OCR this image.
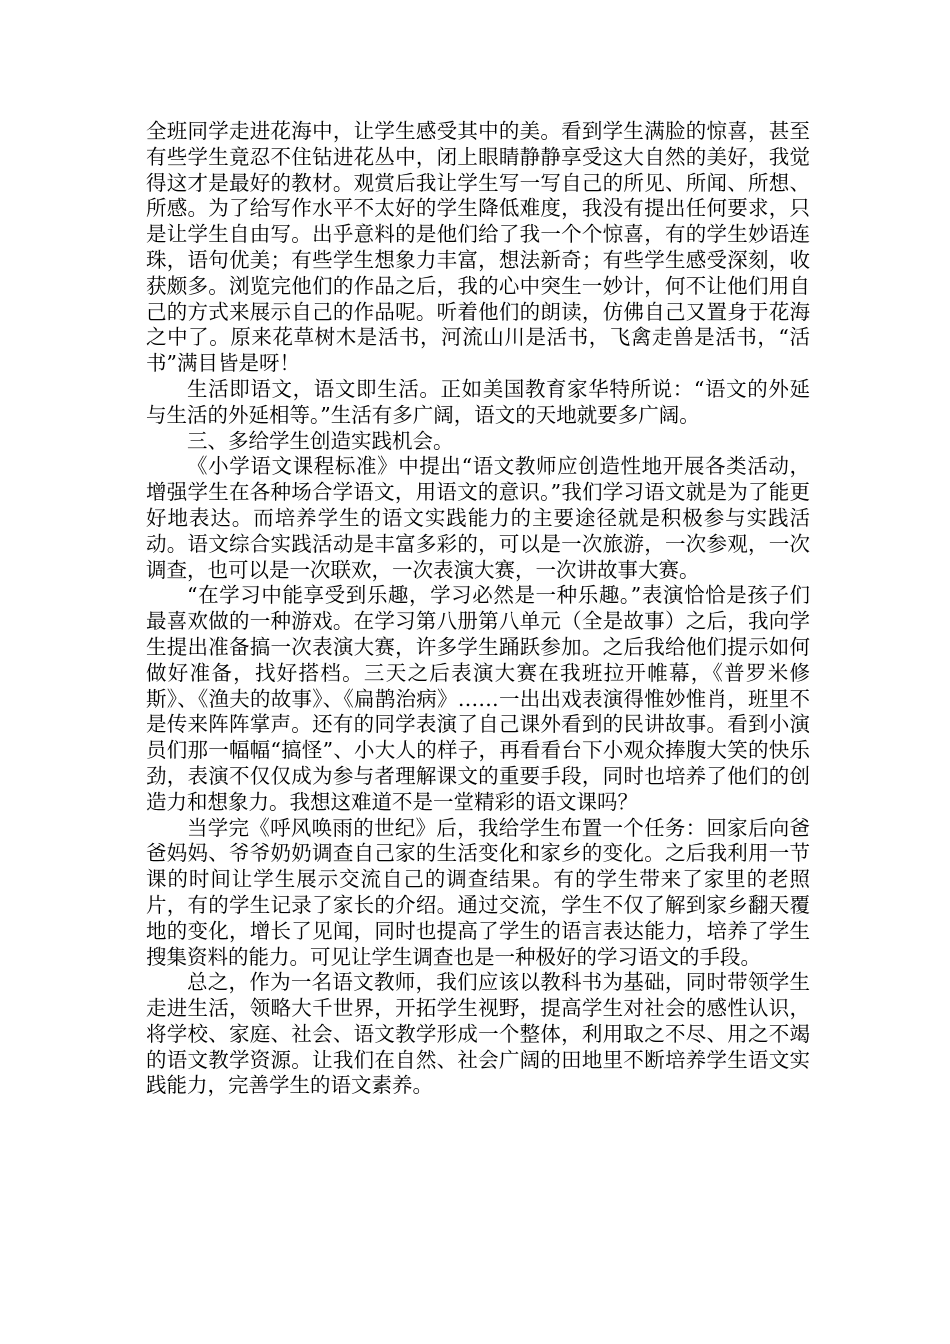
全班同学走进花海中，让学生感受其中的美。看到学生满脸的惊喜，甚至有些学生竟忍不住钻进花丛中，闭上眼睛静静享受这大自然的美好，我觉得这才是最好的教材。观赏后我让学生写一写自己的所见、所闻、所想、所感。为了给写作水平不太好的学生降低难度，我没有提出任何要求，只是让学生自由写。出乎意料的是他们给了我一个个惊喜，有的学生妙语连珠，语句优美；有些学生想象力丰富，想法新奇；有些学生感受深刻，收获颇多。浏览完他们的作品之后，我的心中突生一妙计，何不让他们用自己的方式来展示自己的作品呢。听着他们的朗读，仿佛自己又置身于花海之中了。原来花草树木是活书，河流山川是活书，飞禽走兽是活书，“活书”满目皆是呀！

生活即语文，语文即生活。正如美国教育家华特所说：“语文的外延与生活的外延相等。”生活有多广阔，语文的天地就要多广阔。

三、多给学生创造实践机会。

《小学语文课程标准》中提出“语文教师应创造性地开展各类活动，增强学生在各种场合学语文，用语文的意识。”我们学习语文就是为了能更好地表达。而培养学生的语文实践能力的主要途径就是积极参与实践活动。语文综合实践活动是丰富多彩的，可以是一次旅游，一次参观，一次调查，也可以是一次联欢，一次表演大赛，一次讲故事大赛。

“在学习中能享受到乐趣，学习必然是一种乐趣。”表演恰恰是孩子们最喜欢做的一种游戏。在学习第八册第八单元（全是故事）之后，我向学生提出准备搞一次表演大赛，许多学生踊跃参加。之后我给他们提示如何做好准备，找好搭档。三天之后表演大赛在我班拉开帷幕，《普罗米修斯》、《渔夫的故事》、《扁鹊治病》……一出出戏表演得惟妙惟肖，班里不是传来阵阵掌声。还有的同学表演了自己课外看到的民讲故事。看到小演员们那一幅幅“搞怪”、小大人的样子，再看看台下小观众捧腹大笑的快乐劲，表演不仅仅成为参与者理解课文的重要手段，同时也培养了他们的创造力和想象力。我想这难道不是一堂精彩的语文课吗？

当学完《呼风唤雨的世纪》后，我给学生布置一个任务：回家后向爸爸妈妈、爷爷奶奶调查自己家的生活变化和家乡的变化。之后我利用一节课的时间让学生展示交流自己的调查结果。有的学生带来了家里的老照片，有的学生记录了家长的介绍。通过交流，学生不仅了解到家乡翻天覆地的变化，增长了见闻，同时也提高了学生的语言表达能力，培养了学生搜集资料的能力。可见让学生调查也是一种极好的学习语文的手段。

总之，作为一名语文教师，我们应该以教科书为基础，同时带领学生走进生活，领略大千世界，开拓学生视野，提高学生对社会的感性认识，将学校、家庭、社会、语文教学形成一个整体，利用取之不尽、用之不竭的语文教学资源。让我们在自然、社会广阔的田地里不断培养学生语文实践能力，完善学生的语文素养。
